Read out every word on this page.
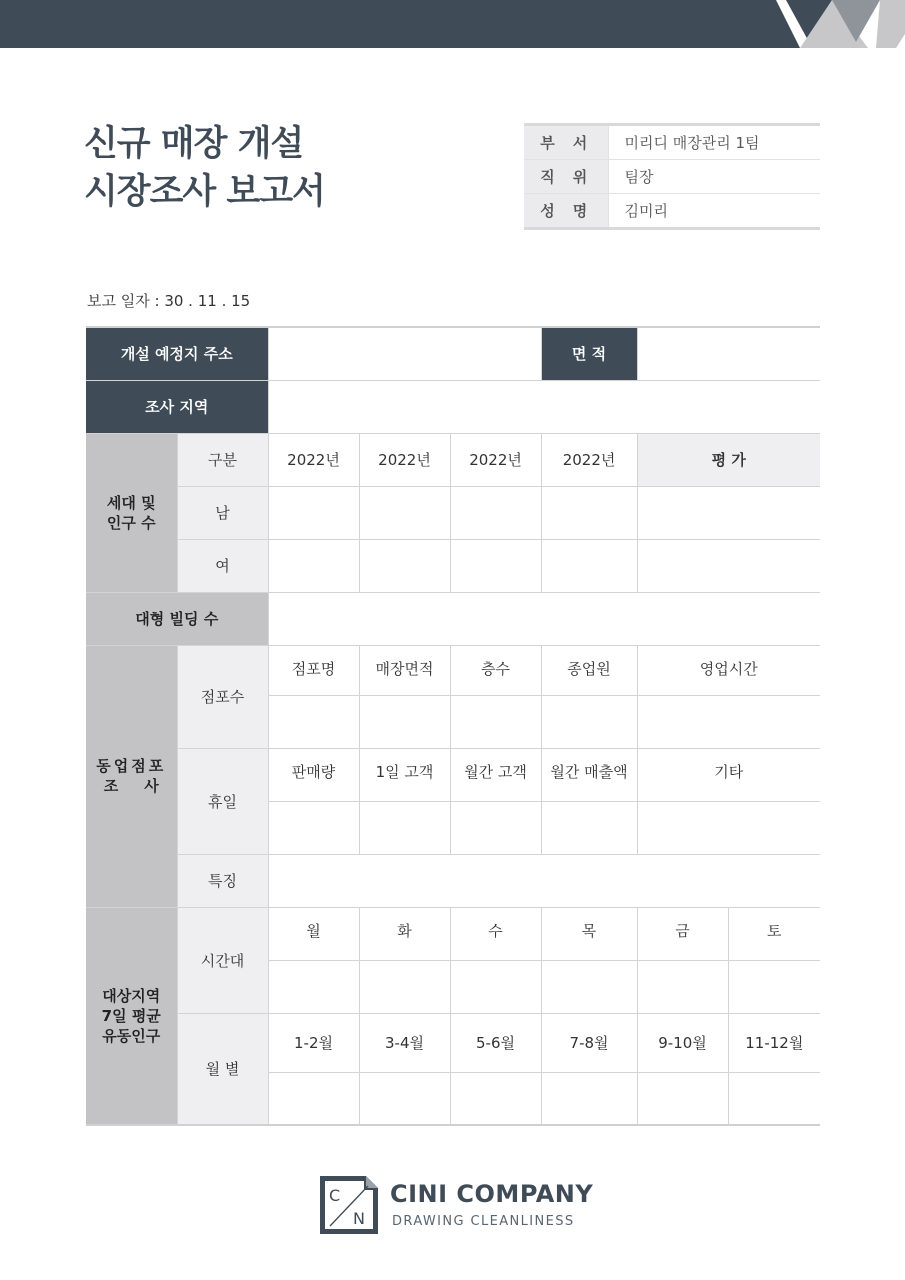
신규 매장 개설
시장조사 보고서
부서	미리디 매장관리 1팀
직위	팀장
성명	김미리
보고 일자 : 30 . 11 . 15
개설 예정지 주소					면 적		
조사 지역							

세대 및
인구 수	구분	2022년	2022년	2022년	2022년	평 가	
	남						
	여						
대형 빌딩 수							

동업점포
조     사	점포수	점포명	매장면적	층수	종업원	영업시간	

	휴일	판매량	1일 고객	월간 고객	월간 매출액	기타	

	특징						

대상지역
7일 평균
유동인구	시간대	월	화	수	목	금	토

	월 별	1-2월	3-4월	5-6월	7-8월	9-10월	11-12월

C
N
CINI COMPANY
DRAWING CLEANLINESS
